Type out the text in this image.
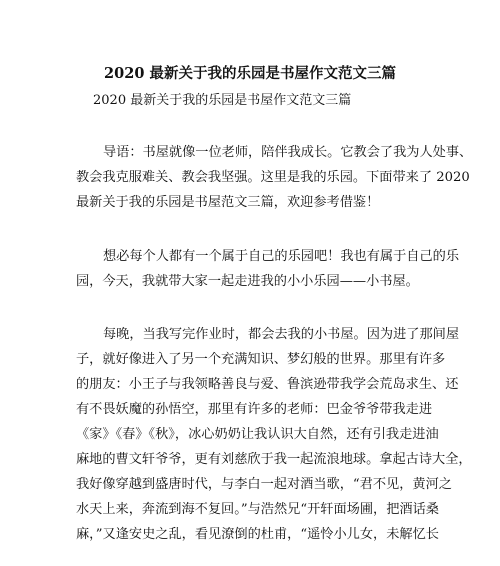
2020 最新关于我的乐园是书屋作文范文三篇
2020 最新关于我的乐园是书屋作文范文三篇
导语：书屋就像一位老师，陪伴我成长。它教会了我为人处事、
教会我克服难关、教会我坚强。这里是我的乐园。下面带来了 2020
最新关于我的乐园是书屋范文三篇，欢迎参考借鉴！
想必每个人都有一个属于自己的乐园吧！我也有属于自己的乐
园，今天，我就带大家一起走进我的小小乐园——小书屋。
每晚，当我写完作业时，都会去我的小书屋。因为进了那间屋
子，就好像进入了另一个充满知识、梦幻般的世界。那里有许多
的朋友：小王子与我领略善良与爱、鲁滨逊带我学会荒岛求生、还
有不畏妖魔的孙悟空，那里有许多的老师：巴金爷爷带我走进
《家》《春》《秋》，冰心奶奶让我认识大自然，还有引我走进油
麻地的曹文轩爷爷，更有刘慈欣于我一起流浪地球。拿起古诗大全，
我好像穿越到盛唐时代，与李白一起对酒当歌，“君不见，黄河之
水天上来，奔流到海不复回。”与浩然兄“开轩面场圃，把酒话桑
麻，”又逢安史之乱，看见潦倒的杜甫，“遥怜小儿女，未解忆长
